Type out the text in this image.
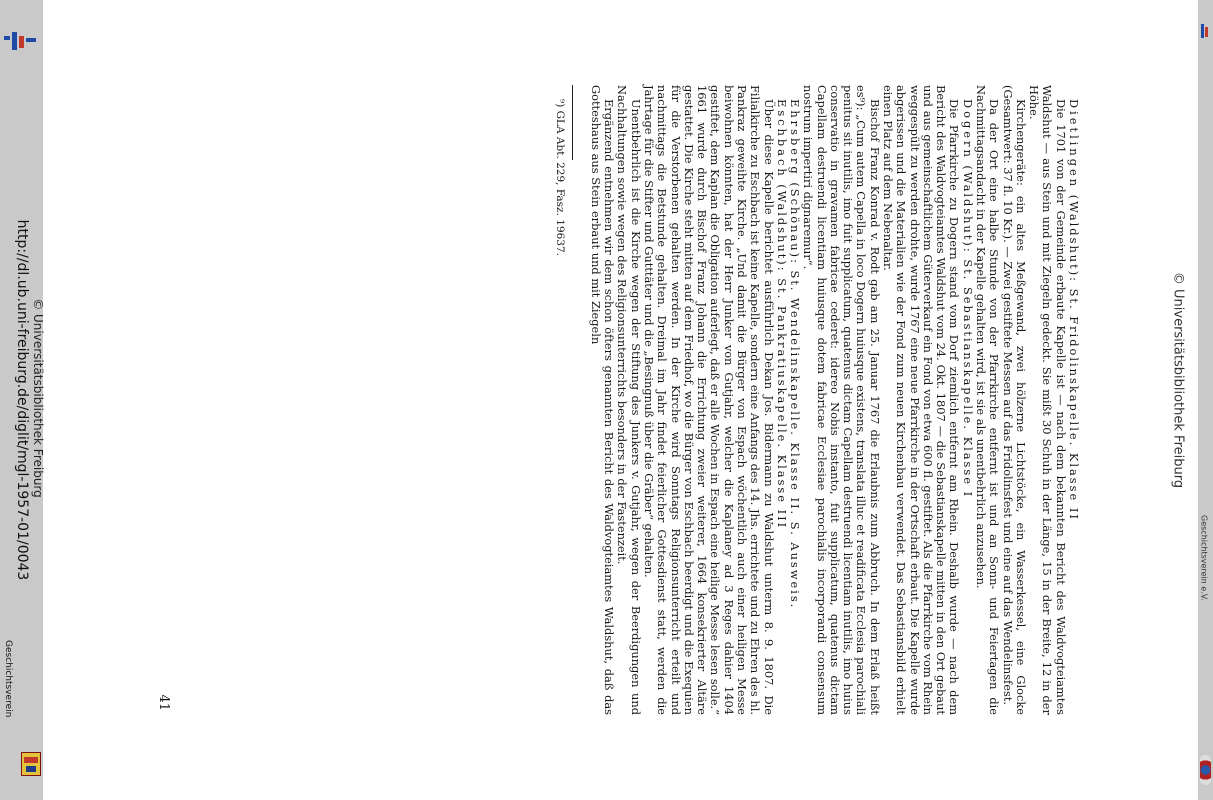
http://dl.ub.uni-freiburg.de/diglit/mgl-1957-01/0043 © Universitätsbibliothek Freiburg
Geschichtsverein
Geschichtsverein e.V.
© Universitätsbibliothek Freiburg

Dietlingen (Waldshut): St. Fridolinskapelle. Klasse II

Die 1701 von der Gemeinde erbaute Kapelle ist — nach dem bekannten Bericht des Waldvogteiamtes Waldshut — aus Stein und mit Ziegeln gedeckt. Sie mißt 30 Schuh in der Länge, 15 in der Breite, 12 in der Höhe.

Kirchengeräte: ein altes Meßgewand, zwei hölzerne Lichtstöcke, ein Wasserkessel, eine Glocke (Gesamtwert: 37 fl. 10 Kr.). — Zwei gestiftete Messen auf das Fridolinsfest und eine auf das Wendelinsfest.

Da der Ort eine halbe Stunde von der Pfarrkirche entfernt ist und an Sonn- und Feiertagen die Nachmittagsandacht in der Kapelle gehalten wird, ist sie als unentbehrlich anzusehen.

Dogern (Waldshut): St. Sebastianskapelle. Klasse I

Die Pfarrkirche zu Dogern stand vom Dorf ziemlich entfernt am Rhein. Deshalb wurde — nach dem Bericht des Waldvogteiamtes Waldshut vom 24. Okt. 1807 — die Sebastianskapelle mitten in den Ort gebaut und aus gemeinschaftlichem Güterverkauf ein Fond von etwa 600 fl. gestiftet. Als die Pfarrkirche vom Rhein weggespült zu werden drohte, wurde 1767 eine neue Pfarrkirche in der Ortschaft erbaut. Die Kapelle wurde abgerissen und die Materialien wie der Fond zum neuen Kirchenbau verwendet. Das Sebastiansbild erhielt einen Platz auf dem Nebenaltar.

Bischof Franz Konrad v. Rodt gab am 25. Januar 1767 die Erlaubnis zum Abbruch. In dem Erlaß heißt es⁹): „Cum autem Capella in loco Dogern huiusque existens, translata illuc et readificata Ecclesia parochiali penitus sit inutilis, imo fuit supplicatum, quatenus dictam Capellam destruendi licentiam inutilis, imo huius conservatio in gravamen fabricae cederet: idereo Nobis instanto, fuit supplicatum, quatenus dictam Capellam destruendi licentiam huiusque dotem fabricae Ecclesiae parochialis incorporandi consensum nostrum impertiri dignaremur“.

Ehrsberg (Schönau): St. Wendelinskapelle. Klasse II. S. Ausweis.

Eschbach (Waldshut): St. Pankratiuskapelle. Klasse III

Über diese Kapelle berichtet ausführlich Dekan Jos. Bidermann zu Waldshut unterm 8. 9. 1807. Die Filialkirche zu Eschbach ist keine Kapelle, sondern eine Anfangs des 14. Jhs. errichtete und zu Ehren des hl. Pankraz geweihte Kirche. „Und damit die Bürger von Espach wöchentlich auch einer heiligen Messe beiwohnen könnten, hat der Herr Junker von Gutjahr, welcher die Kaplaney ad 3 Reges dahier 1404 gestiftet, dem Kaplan die Obligation auferlegt, daß er alle Wochen in Espach eine heilige Messe lesen solle.“ 1661 wurde durch Bischof Franz Johann die Errichtung zweier weiterer, 1664 konsekrierter Altäre gestattet. Die Kirche steht mitten auf dem Friedhof, wo die Bürger von Eschbach beerdigt und die Exequien für die Verstorbenen gehalten werden. In der Kirche wird Sonntags Religionsunterricht erteilt und nachmittags die Betstunde gehalten. Dreimal im Jahr findet feierlicher Gottesdienst statt, werden die Jahrtage für die Stifter und Gutttäter und die „Besingnuß über die Gräber“ gehalten.

Unentbehrlich ist die Kirche wegen der Stiftung des Junkers v. Gutjahr, wegen der Beerdigungen und Nachhaltungen sowie wegen des Religionsunterrichts besonders in der Fastenzeit.

Ergänzend entnehmen wir dem schon öfters genannten Bericht des Waldvogteiamtes Waldshut, daß das Gotteshaus aus Stein erbaut und mit Ziegeln

⁹) GLA Abt. 229, Fasz. 19637.

41
